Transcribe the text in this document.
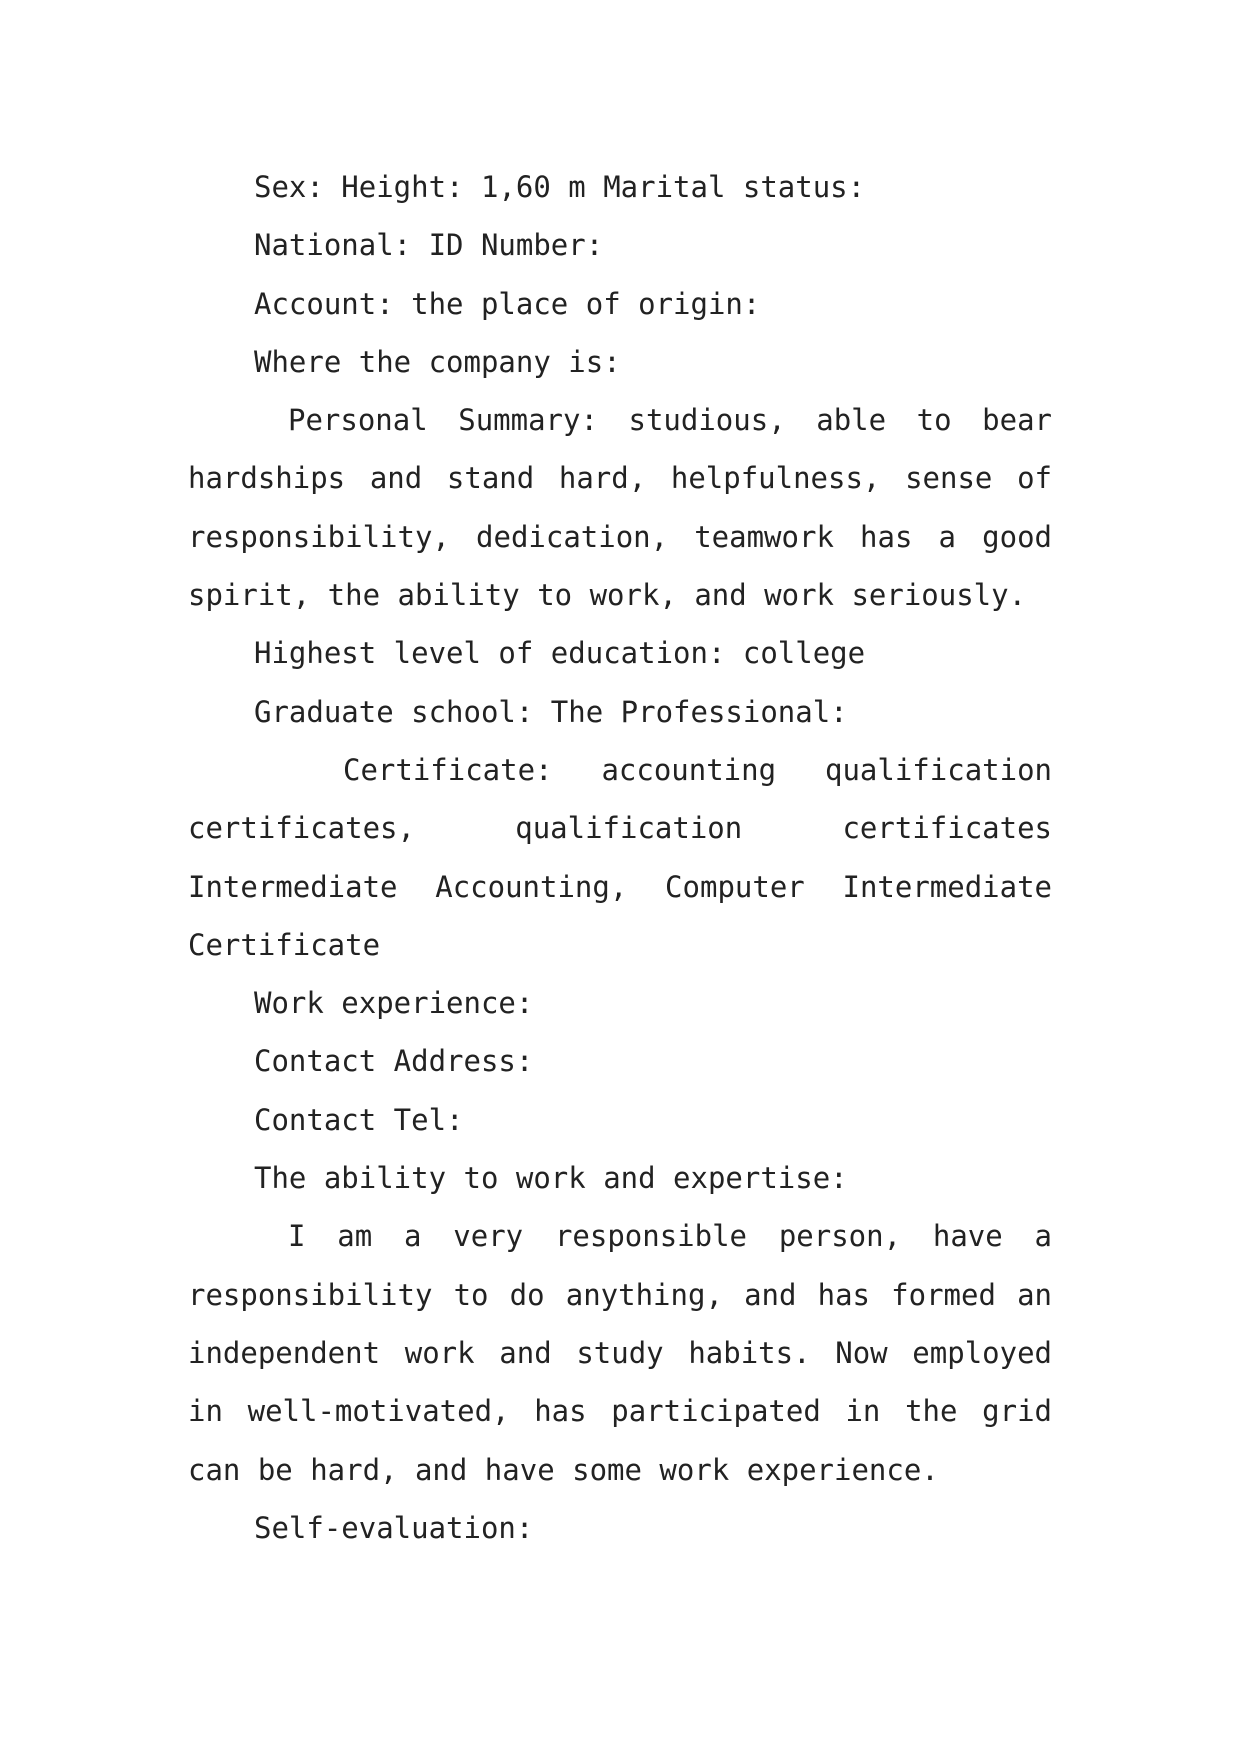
Sex: Height: 1,60 m Marital status:

National: ID Number:

Account: the place of origin:

Where the company is:

Personal Summary: studious, able to bear hardships and stand hard, helpfulness, sense of responsibility, dedication, teamwork has a good spirit, the ability to work, and work seriously.

Highest level of education: college

Graduate school: The Professional:

Certificate: accounting qualification certificates, qualification certificates Intermediate Accounting, Computer Intermediate Certificate

Work experience:

Contact Address:

Contact Tel:

The ability to work and expertise:

I am a very responsible person, have a responsibility to do anything, and has formed an independent work and study habits. Now employed in well-motivated, has participated in the grid can be hard, and have some work experience.

Self-evaluation:
